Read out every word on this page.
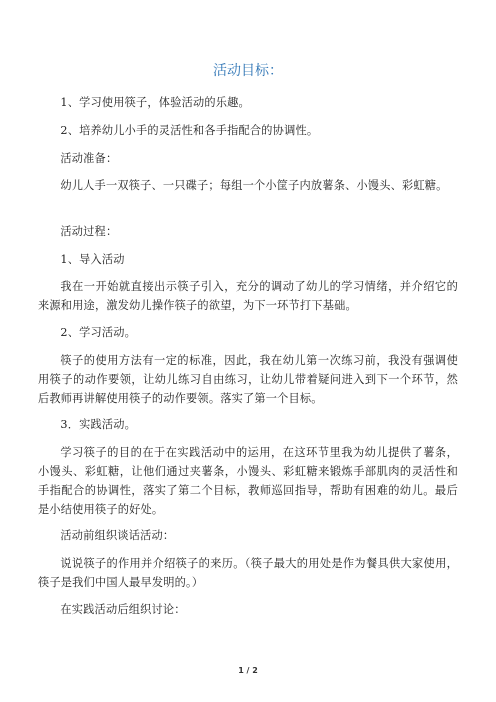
活动目标：

1、学习使用筷子，体验活动的乐趣。

2、培养幼儿小手的灵活性和各手指配合的协调性。

活动准备：

幼儿人手一双筷子、一只碟子；每组一个小筐子内放薯条、小馒头、彩虹糖。

活动过程：

1、导入活动

我在一开始就直接出示筷子引入，充分的调动了幼儿的学习情绪，并介绍它的来源和用途，激发幼儿操作筷子的欲望，为下一环节打下基础。

2、学习活动。

筷子的使用方法有一定的标准，因此，我在幼儿第一次练习前，我没有强调使用筷子的动作要领，让幼儿练习自由练习，让幼儿带着疑问进入到下一个环节，然后教师再讲解使用筷子的动作要领。落实了第一个目标。

3．实践活动。

学习筷子的目的在于在实践活动中的运用，在这环节里我为幼儿提供了薯条，小馒头、彩虹糖，让他们通过夹薯条，小馒头、彩虹糖来锻炼手部肌肉的灵活性和手指配合的协调性，落实了第二个目标，教师巡回指导，帮助有困难的幼儿。最后是小结使用筷子的好处。

活动前组织谈话活动：

说说筷子的作用并介绍筷子的来历。（筷子最大的用处是作为餐具供大家使用，筷子是我们中国人最早发明的。）

在实践活动后组织讨论：

1 / 2
